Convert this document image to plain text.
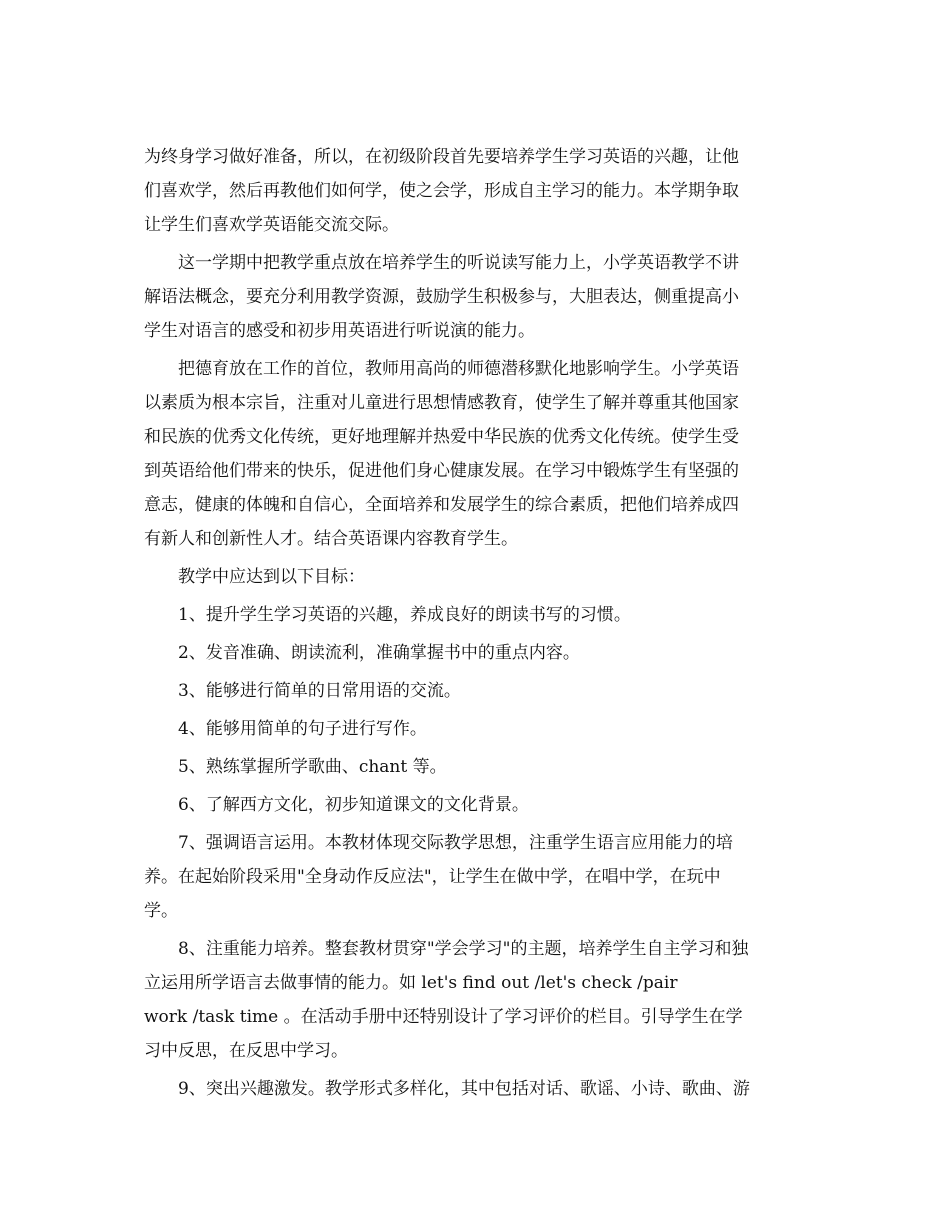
为终身学习做好准备，所以，在初级阶段首先要培养学生学习英语的兴趣，让他
们喜欢学，然后再教他们如何学，使之会学，形成自主学习的能力。本学期争取
让学生们喜欢学英语能交流交际。
这一学期中把教学重点放在培养学生的听说读写能力上，小学英语教学不讲
解语法概念，要充分利用教学资源，鼓励学生积极参与，大胆表达，侧重提高小
学生对语言的感受和初步用英语进行听说演的能力。
把德育放在工作的首位，教师用高尚的师德潜移默化地影响学生。小学英语
以素质为根本宗旨，注重对儿童进行思想情感教育，使学生了解并尊重其他国家
和民族的优秀文化传统，更好地理解并热爱中华民族的优秀文化传统。使学生受
到英语给他们带来的快乐，促进他们身心健康发展。在学习中锻炼学生有坚强的
意志，健康的体魄和自信心，全面培养和发展学生的综合素质，把他们培养成四
有新人和创新性人才。结合英语课内容教育学生。
教学中应达到以下目标：
1、提升学生学习英语的兴趣，养成良好的朗读书写的习惯。
2、发音准确、朗读流利，准确掌握书中的重点内容。
3、能够进行简单的日常用语的交流。
4、能够用简单的句子进行写作。
5、熟练掌握所学歌曲、chant 等。
6、了解西方文化，初步知道课文的文化背景。
7、强调语言运用。本教材体现交际教学思想，注重学生语言应用能力的培
养。在起始阶段采用"全身动作反应法"，让学生在做中学，在唱中学，在玩中
学。
8、注重能力培养。整套教材贯穿"学会学习"的主题，培养学生自主学习和独
立运用所学语言去做事情的能力。如 let's find out /let's check /pair
work /task time 。在活动手册中还特别设计了学习评价的栏目。引导学生在学
习中反思，在反思中学习。
9、突出兴趣激发。教学形式多样化，其中包括对话、歌谣、小诗、歌曲、游
